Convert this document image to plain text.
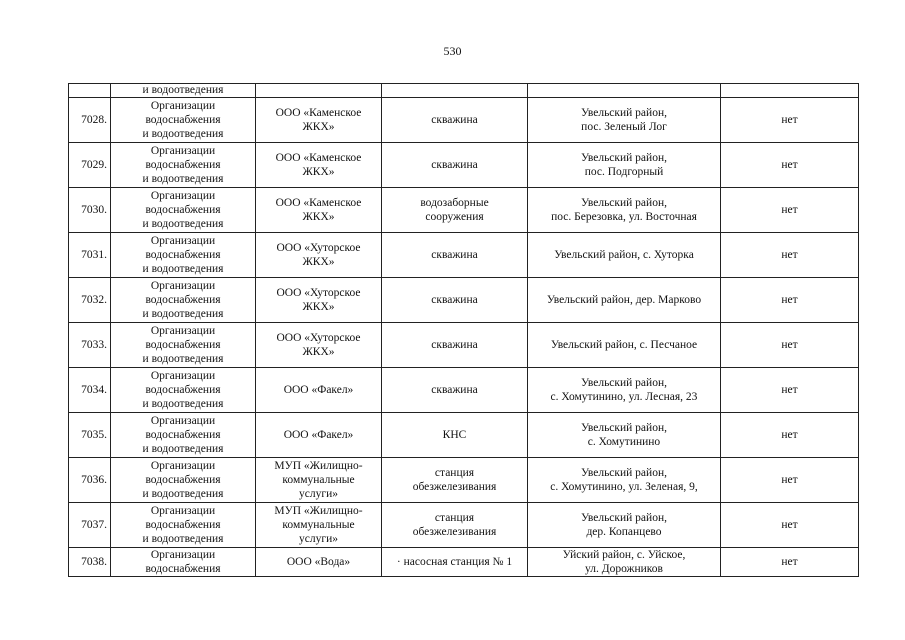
530
	и водоотведения				
7028.	Организации
водоснабжения
и водоотведения	ООО «Каменское
ЖКХ»	скважина	Увельский район,
пос. Зеленый Лог	нет
7029.	Организации
водоснабжения
и водоотведения	ООО «Каменское
ЖКХ»	скважина	Увельский район,
пос. Подгорный	нет
7030.	Организации
водоснабжения
и водоотведения	ООО «Каменское
ЖКХ»	водозаборные
сооружения	Увельский район,
пос. Березовка, ул. Восточная	нет
7031.	Организации
водоснабжения
и водоотведения	ООО «Хуторское
ЖКХ»	скважина	Увельский район, с. Хуторка	нет
7032.	Организации
водоснабжения
и водоотведения	ООО «Хуторское
ЖКХ»	скважина	Увельский район, дер. Марково	нет
7033.	Организации
водоснабжения
и водоотведения	ООО «Хуторское
ЖКХ»	скважина	Увельский район, с. Песчаное	нет
7034.	Организации
водоснабжения
и водоотведения	ООО «Факел»	скважина	Увельский район,
с. Хомутинино, ул. Лесная, 23	нет
7035.	Организации
водоснабжения
и водоотведения	ООО «Факел»	КНС	Увельский район,
с. Хомутинино	нет
7036.	Организации
водоснабжения
и водоотведения	МУП «Жилищно-
коммунальные
услуги»	станция
обезжелезивания	Увельский район,
с. Хомутинино, ул. Зеленая, 9,	нет
7037.	Организации
водоснабжения
и водоотведения	МУП «Жилищно-
коммунальные
услуги»	станция
обезжелезивания	Увельский район,
дер. Копанцево	нет
7038.	Организации
водоснабжения	ООО «Вода»	· насосная станция № 1	Уйский район, с. Уйское,
ул. Дорожников	нет
